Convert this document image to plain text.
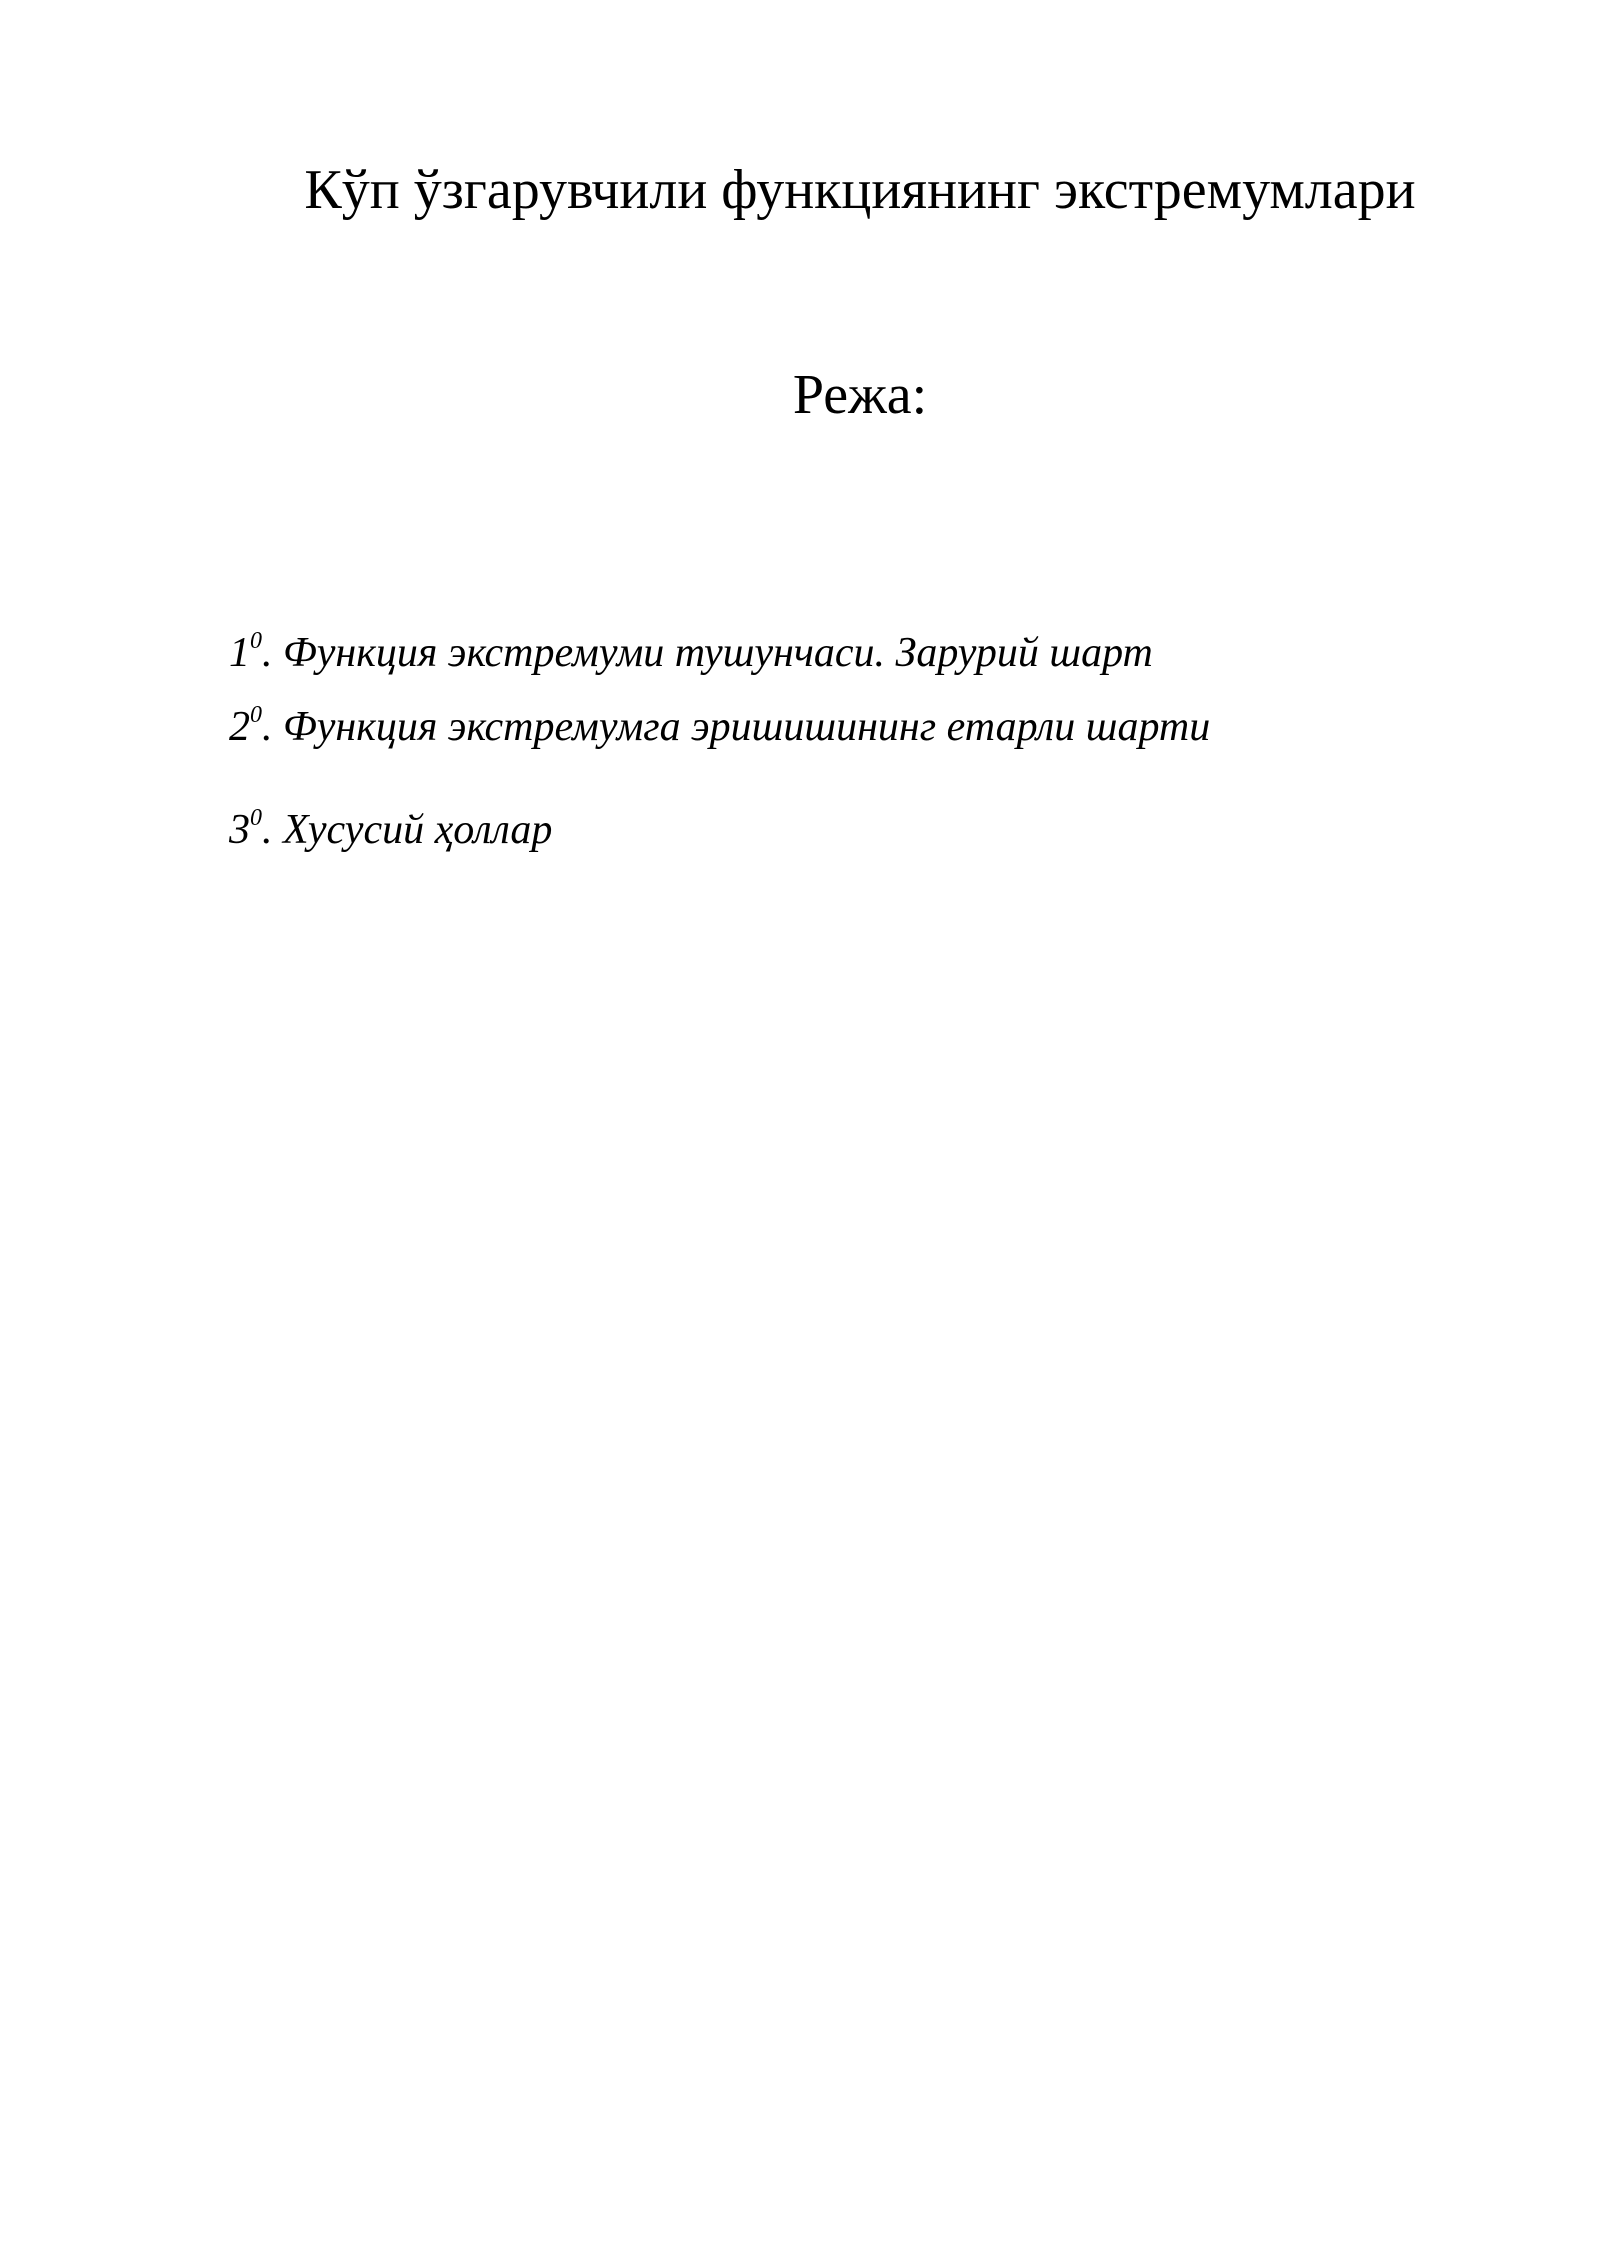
Кўп ўзгарувчили функциянинг экстремумлари
Режа:
$1^0$. Функция экстремуми тушунчаси. Зарурий шарт
$2^0$. Функция экстремумга эришишининг етарли шарти
$3^0$. Хусусий ҳоллар
